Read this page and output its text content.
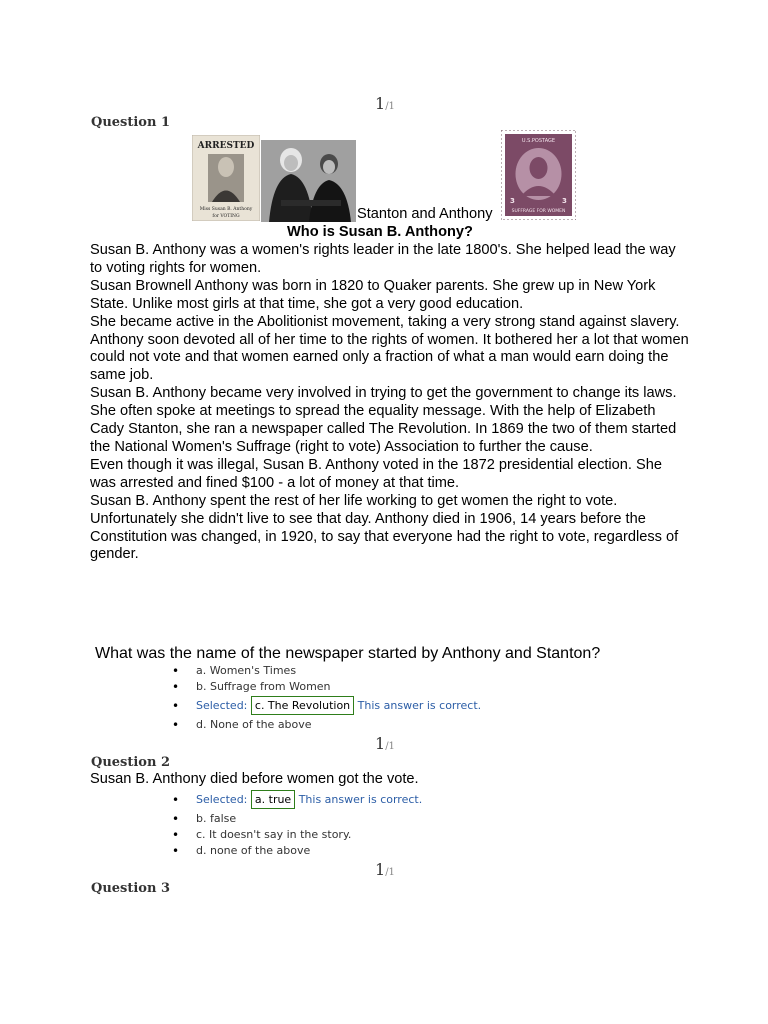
1/1
Question 1
ARRESTED
Miss Susan B. Anthony
for VOTING	Stanton and Anthony
U.S.POSTAGE
3	3
SUFFRAGE FOR WOMEN
Who is Susan B. Anthony?

Susan B. Anthony was a women's rights leader in the late 1800's. She helped lead the way to voting rights for women.

Susan Brownell Anthony was born in 1820 to Quaker parents. She grew up in New York State. Unlike most girls at that time, she got a very good education.

She became active in the Abolitionist movement, taking a very strong stand against slavery.

Anthony soon devoted all of her time to the rights of women. It bothered her a lot that women could not vote and that women earned only a fraction of what a man would earn doing the same job.

Susan B. Anthony became very involved in trying to get the government to change its laws. She often spoke at meetings to spread the equality message. With the help of Elizabeth Cady Stanton, she ran a newspaper called The Revolution. In 1869 the two of them started the National Women's Suffrage (right to vote) Association to further the cause.

Even though it was illegal, Susan B. Anthony voted in the 1872 presidential election. She was arrested and fined $100 - a lot of money at that time.

Susan B. Anthony spent the rest of her life working to get women the right to vote. Unfortunately she didn't live to see that day. Anthony died in 1906, 14 years before the Constitution was changed, in 1920, to say that everyone had the right to vote, regardless of gender.

What was the name of the newspaper started by Anthony and Stanton?
• a. Women's Times
• b. Suffrage from Women
• Selected: c. The Revolution This answer is correct.
• d. None of the above
1/1
Question 2
Susan B. Anthony died before women got the vote.
• Selected: a. true This answer is correct.
• b. false
• c. It doesn't say in the story.
• d. none of the above
1/1
Question 3
